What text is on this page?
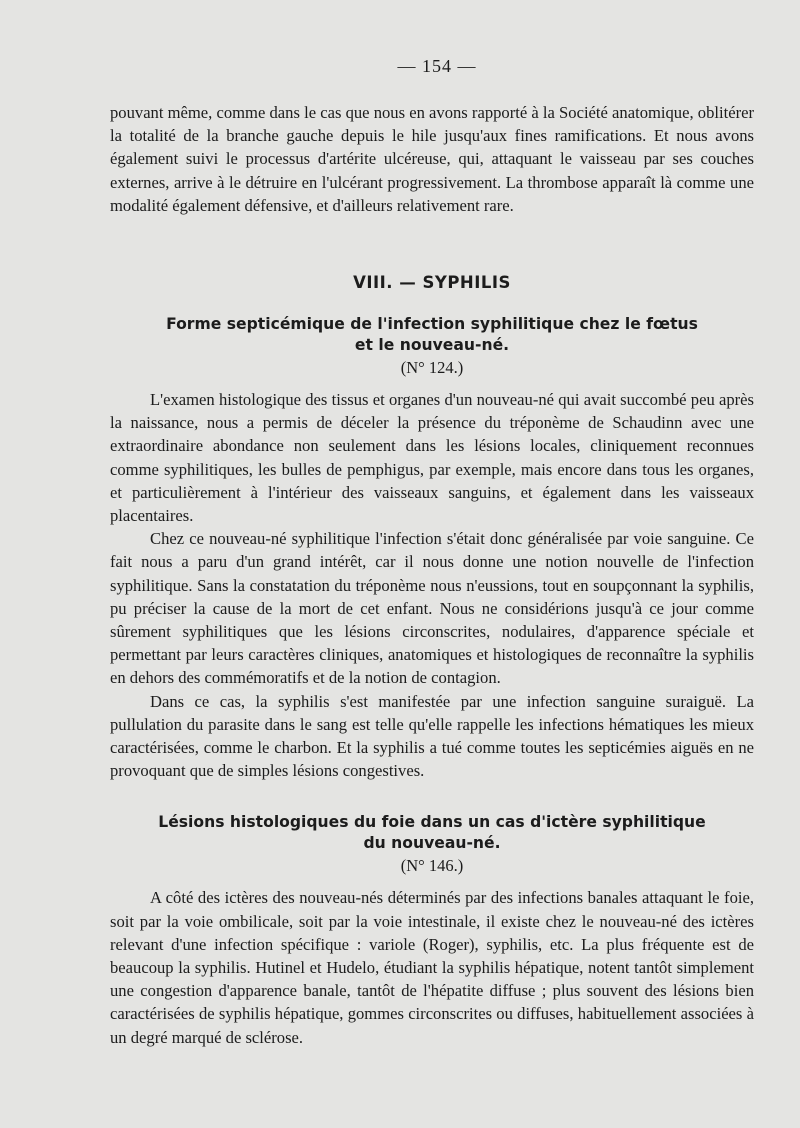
— 154 —

pouvant même, comme dans le cas que nous en avons rapporté à la Société anatomique, oblitérer la totalité de la branche gauche depuis le hile jusqu'aux fines ramifications. Et nous avons également suivi le processus d'artérite ulcéreuse, qui, attaquant le vaisseau par ses couches externes, arrive à le détruire en l'ulcérant progressivement. La thrombose apparaît là comme une modalité également défensive, et d'ailleurs relativement rare.

VIII. — SYPHILIS
Forme septicémique de l'infection syphilitique chez le fœtus
et le nouveau-né.
(N° 124.)

L'examen histologique des tissus et organes d'un nouveau-né qui avait succombé peu après la naissance, nous a permis de déceler la présence du tréponème de Schaudinn avec une extraordinaire abondance non seulement dans les lésions locales, cliniquement reconnues comme syphilitiques, les bulles de pemphigus, par exemple, mais encore dans tous les organes, et particulièrement à l'intérieur des vaisseaux sanguins, et également dans les vaisseaux placentaires.

Chez ce nouveau-né syphilitique l'infection s'était donc généralisée par voie sanguine. Ce fait nous a paru d'un grand intérêt, car il nous donne une notion nouvelle de l'infection syphilitique. Sans la constatation du tréponème nous n'eussions, tout en soupçonnant la syphilis, pu préciser la cause de la mort de cet enfant. Nous ne considérions jusqu'à ce jour comme sûrement syphilitiques que les lésions circonscrites, nodulaires, d'apparence spéciale et permettant par leurs caractères cliniques, anatomiques et histologiques de reconnaître la syphilis en dehors des commémoratifs et de la notion de contagion.

Dans ce cas, la syphilis s'est manifestée par une infection sanguine suraiguë. La pullulation du parasite dans le sang est telle qu'elle rappelle les infections hématiques les mieux caractérisées, comme le charbon. Et la syphilis a tué comme toutes les septicémies aiguës en ne provoquant que de simples lésions congestives.

Lésions histologiques du foie dans un cas d'ictère syphilitique
du nouveau-né.
(N° 146.)

A côté des ictères des nouveau-nés déterminés par des infections banales attaquant le foie, soit par la voie ombilicale, soit par la voie intestinale, il existe chez le nouveau-né des ictères relevant d'une infection spécifique : variole (Roger), syphilis, etc. La plus fréquente est de beaucoup la syphilis. Hutinel et Hudelo, étudiant la syphilis hépatique, notent tantôt simplement une congestion d'apparence banale, tantôt de l'hépatite diffuse ; plus souvent des lésions bien caractérisées de syphilis hépatique, gommes circonscrites ou diffuses, habituellement associées à un degré marqué de sclérose.
